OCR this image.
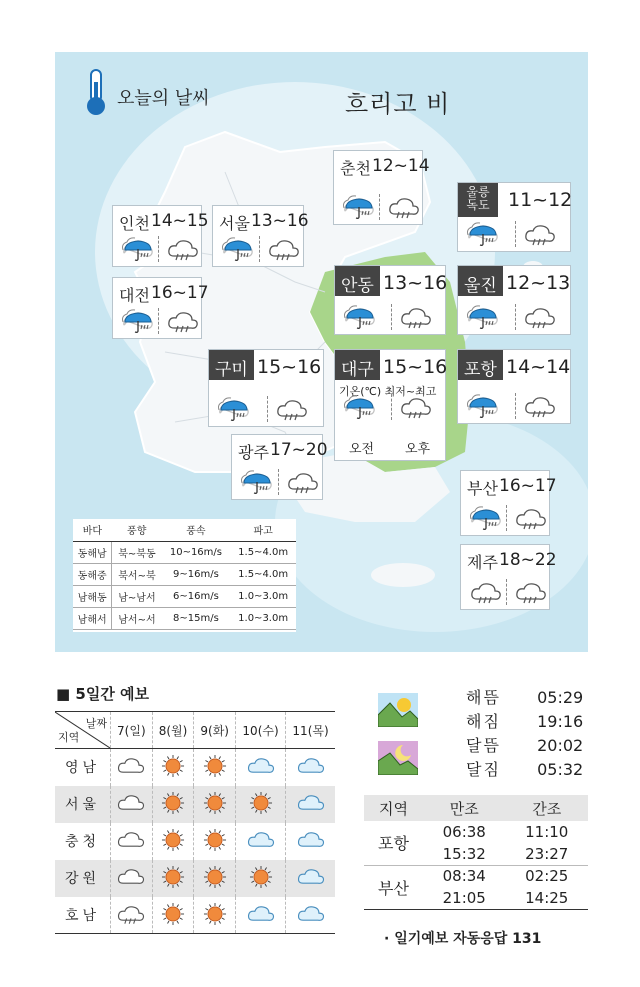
오늘의 날씨	흐리고 비
춘천 12~14
울릉
독도 11~12
인천 14~15 서울 13~16
안동 13~16 울진 12~13
대전 16~17
구미 15~16	대구 15~16
기온(℃) 최저~최고
오전 오후
포항 14~14
광주 17~20
부산 16~17
제주 18~22
바다	풍향	풍속	파고
동해남	북~북동	10~16m/s	1.5~4.0m
동해중	북서~북	9~16m/s	1.5~4.0m
남해동	남~남서	6~16m/s	1.0~3.0m
남해서	남서~서	8~15m/s	1.0~3.0m
■ 5일간 예보
날짜
지역	7(일)	8(월)	9(화)	10(수)	11(목)
영남					
서울					
충청					
강원					
호남					
해뜸 05:29
해짐 19:16
달뜸 20:02
달짐 05:32
지역	만조	간조
포항	06:38	11:10
	15:32	23:27
부산	08:34	02:25
	21:05	14:25
· 일기예보 자동응답 131
